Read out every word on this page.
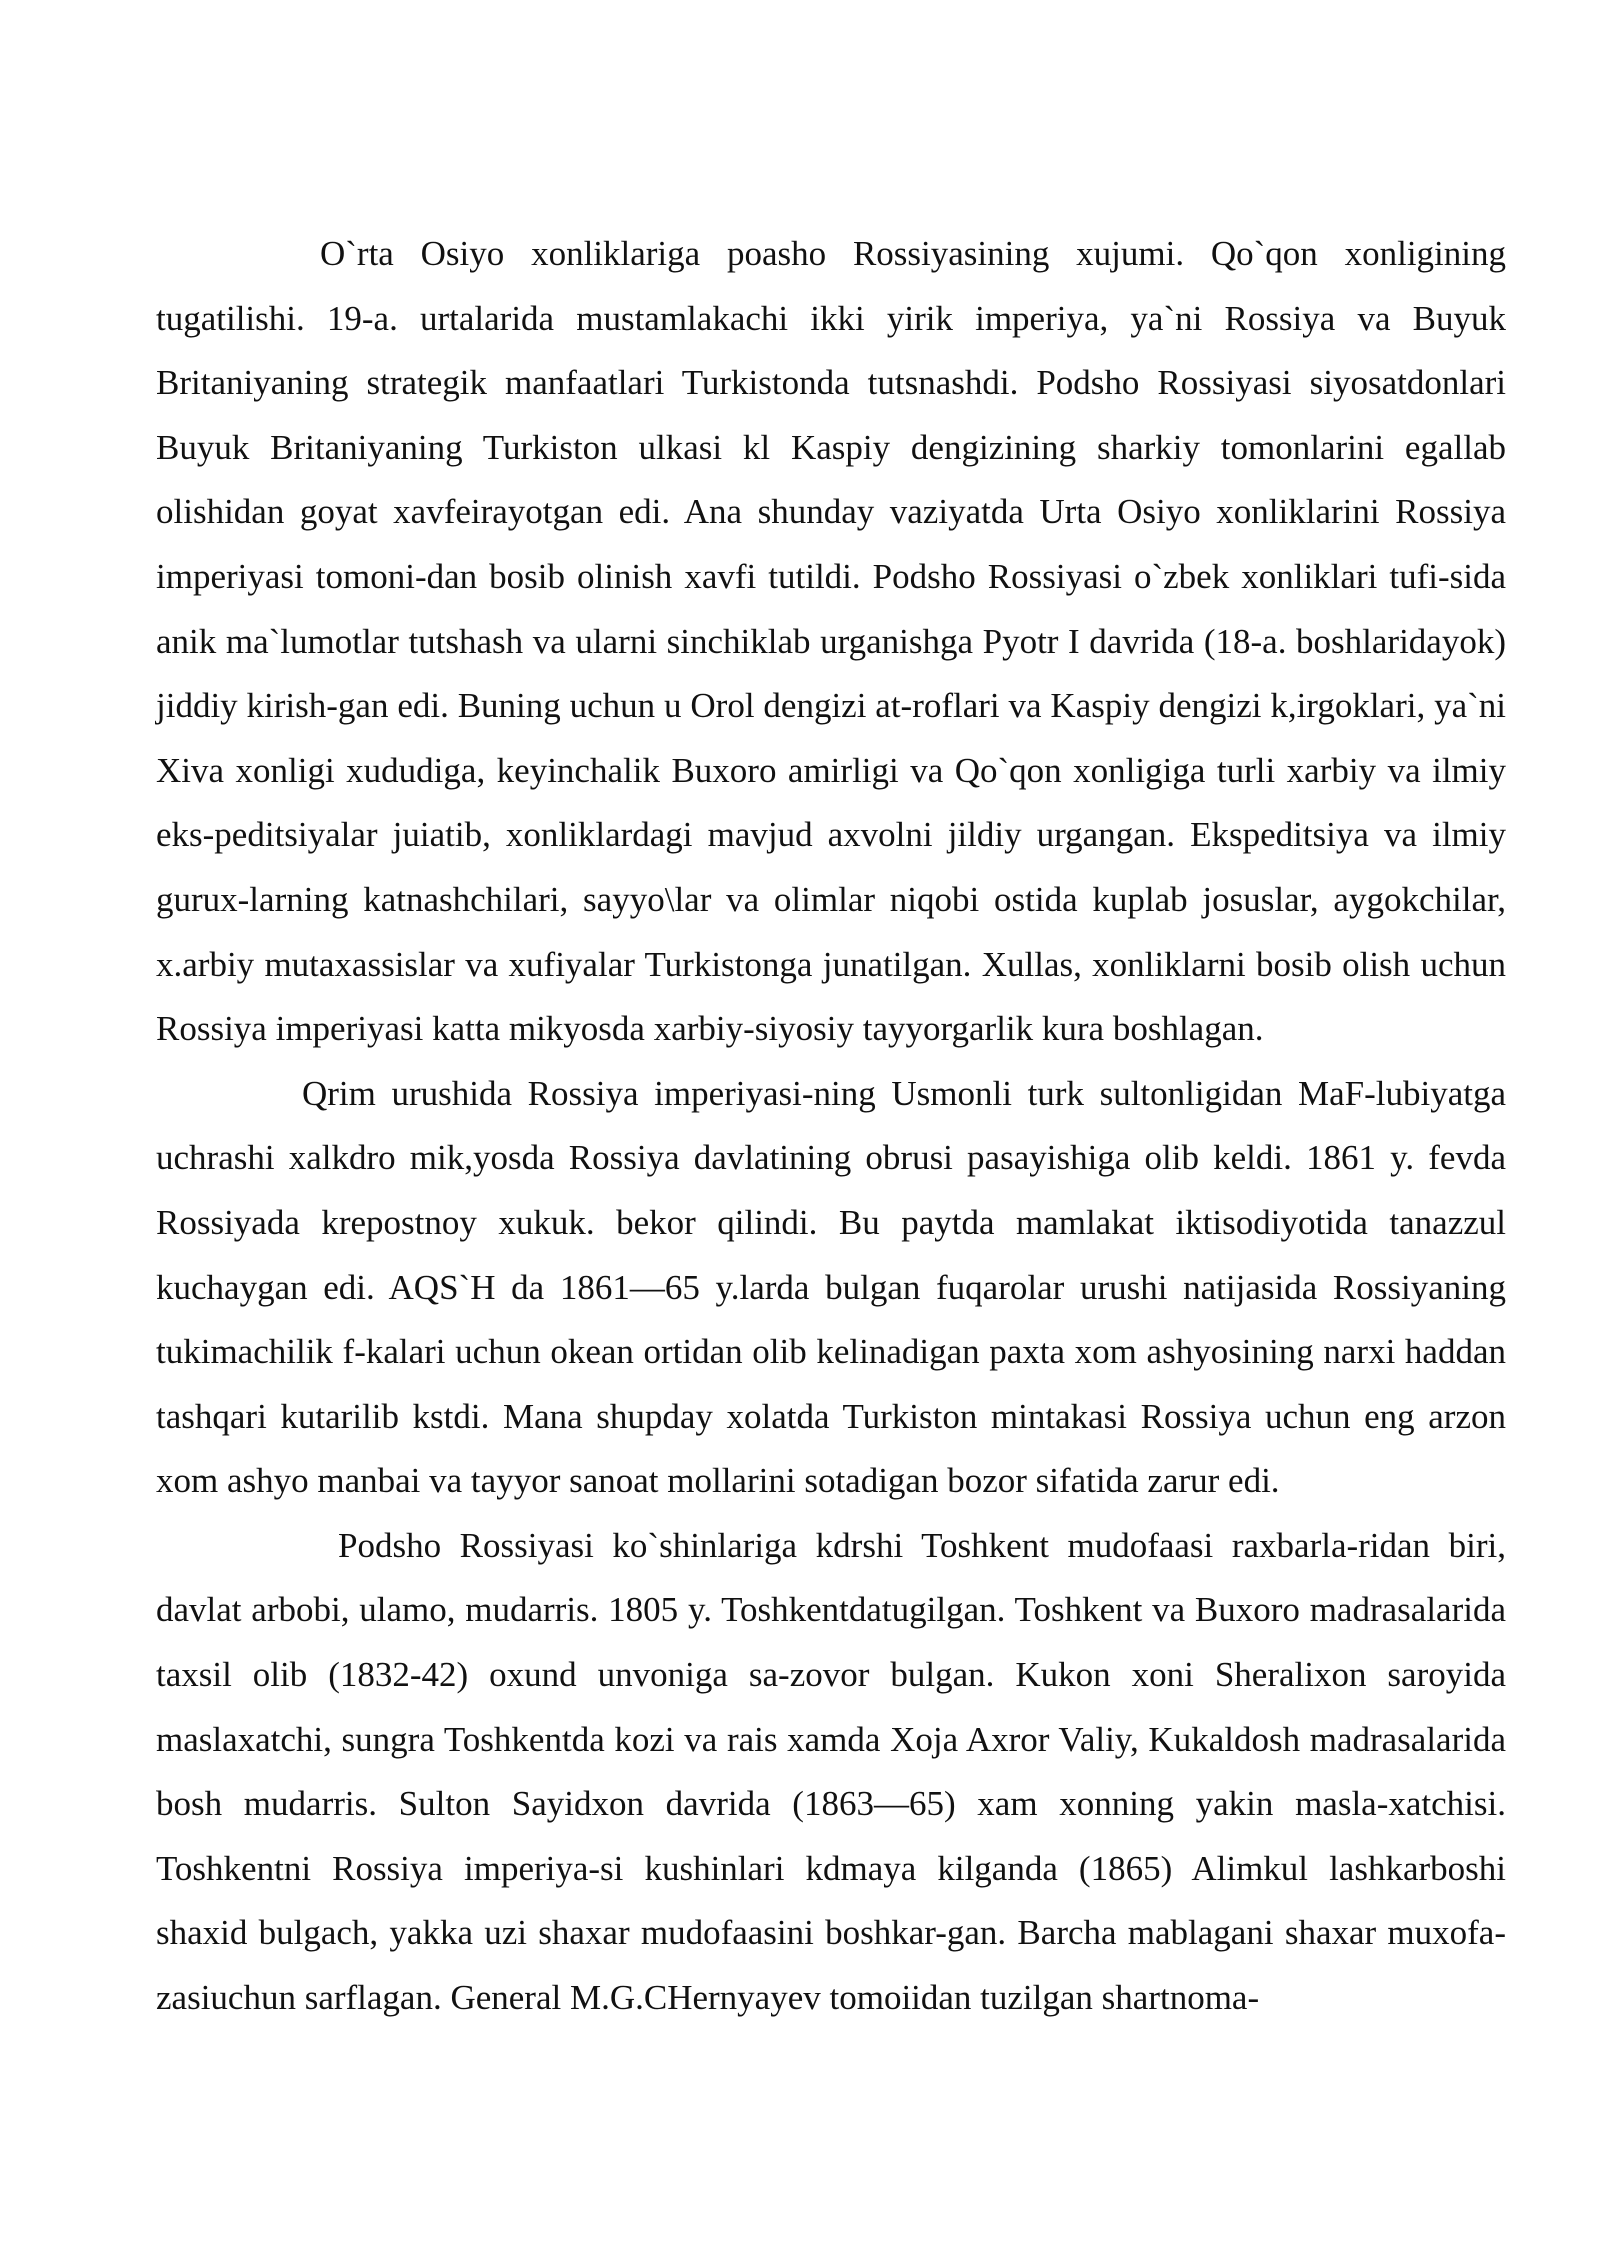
O`rta Osiyo xonliklariga poasho Rossiyasining xujumi. Qo`qon xonligining tugatilishi. 19-a. urtalarida mustamlakachi ikki yirik imperiya, ya`ni Rossiya va Buyuk Britaniyaning strategik manfaatlari Turkistonda tutsnashdi. Podsho Rossiyasi siyosatdonlari Buyuk Britaniyaning Turkiston ulkasi kl Kaspiy dengizining sharkiy tomonlarini egallab olishidan goyat xavfeirayotgan edi. Ana shunday vaziyatda Urta Osiyo xonliklarini Rossiya imperiyasi tomoni-dan bosib olinish xavfi tutildi. Podsho Rossiyasi o`zbek xonliklari tufi-sida anik ma`lumotlar tutshash va ularni sinchiklab urganishga Pyotr I davrida (18-a. boshlaridayok) jiddiy kirish-gan edi. Buning uchun u Orol dengizi at-roflari va Kaspiy dengizi k,irgoklari, ya`ni Xiva xonligi xududiga, keyinchalik Buxoro amirligi va Qo`qon xonligiga turli xarbiy va ilmiy eks-peditsiyalar juiatib, xonliklardagi mavjud axvolni jildiy urgangan. Ekspeditsiya va ilmiy gurux-larning katnashchilari, sayyo\lar va olimlar niqobi ostida kuplab josuslar, aygokchilar, x.arbiy mutaxassislar va xufiyalar Turkistonga junatilgan. Xullas, xonliklarni bosib olish uchun Rossiya imperiyasi katta mikyosda xarbiy-siyosiy tayyorgarlik kura boshlagan.

Qrim urushida Rossiya imperiyasi-ning Usmonli turk sultonligidan MaF-lubiyatga uchrashi xalkdro mik,yosda Rossiya davlatining obrusi pasayishiga olib keldi. 1861 y. fevda Rossiyada krepostnoy xukuk. bekor qilindi. Bu paytda mamlakat iktisodiyotida tanazzul kuchaygan edi. AQS`H da 1861—65 y.larda bulgan fuqarolar urushi natijasida Rossiyaning tukimachilik f-kalari uchun okean ortidan olib kelinadigan paxta xom ashyosining narxi haddan tashqari kutarilib kstdi. Mana shupday xolatda Turkiston mintakasi Rossiya uchun eng arzon xom ashyo manbai va tayyor sanoat mollarini sotadigan bozor sifatida zarur edi.

Podsho Rossiyasi ko`shinlariga kdrshi Toshkent mudofaasi raxbarla-ridan biri, davlat arbobi, ulamo, mudarris. 1805 y. Toshkentdatugilgan. Toshkent va Buxoro madrasalarida taxsil olib (1832-42) oxund unvoniga sa-zovor bulgan. Kukon xoni Sheralixon saroyida maslaxatchi, sungra Toshkentda kozi va rais xamda Xoja Axror Valiy, Kukaldosh madrasalarida bosh mudarris. Sulton Sayidxon davrida (1863—65) xam xonning yakin masla-xatchisi. Toshkentni Rossiya imperiya-si kushinlari kdmaya kilganda (1865) Alimkul lashkarboshi shaxid bulgach, yakka uzi shaxar mudofaasini boshkar-gan. Barcha mablagani shaxar muxofa-zasiuchun sarflagan. General M.G.CHernyayev tomoiidan tuzilgan shartnoma-
